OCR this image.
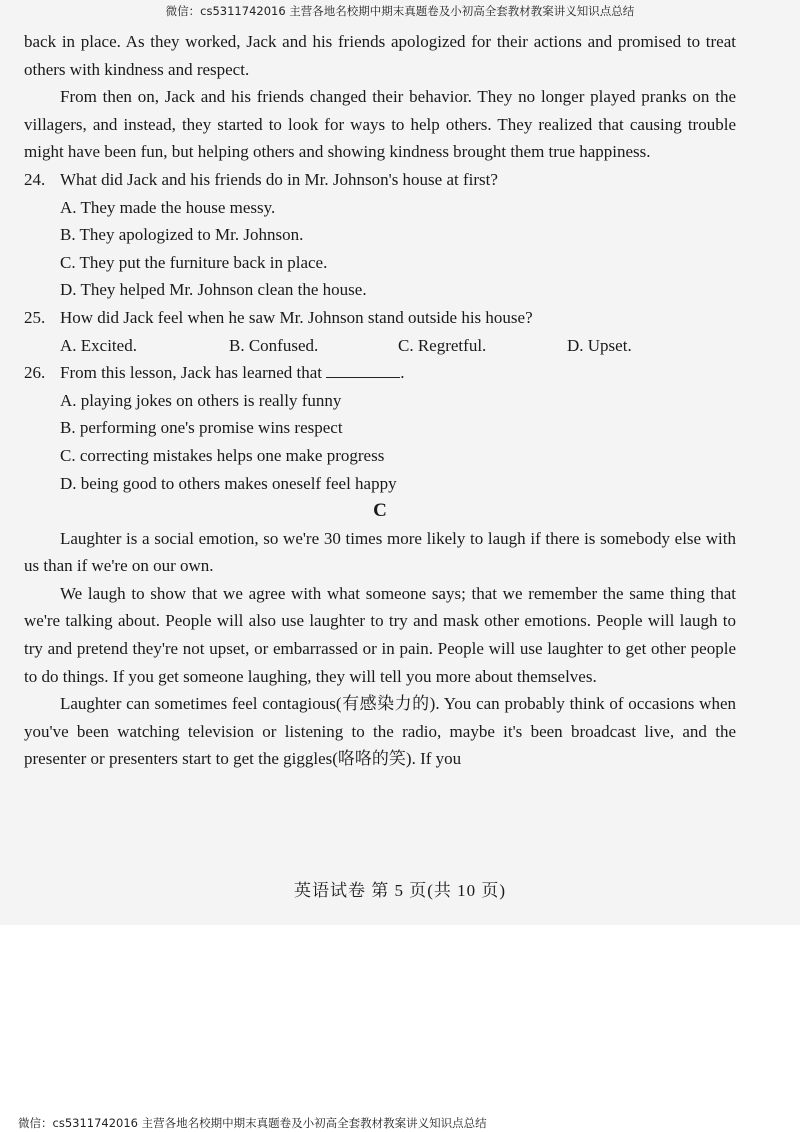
微信：cs5311742016 主营各地名校期中期末真题卷及小初高全套教材教案讲义知识点总结

back in place. As they worked, Jack and his friends apologized for their actions and promised to treat others with kindness and respect.

From then on, Jack and his friends changed their behavior. They no longer played pranks on the villagers, and instead, they started to look for ways to help others. They realized that causing trouble might have been fun, but helping others and showing kindness brought them true happiness.

24. What did Jack and his friends do in Mr. Johnson's house at first?

A. They made the house messy.

B. They apologized to Mr. Johnson.

C. They put the furniture back in place.

D. They helped Mr. Johnson clean the house.

25. How did Jack feel when he saw Mr. Johnson stand outside his house?

A. Excited.	B. Confused.	C. Regretful.	D. Upset.

26. From this lesson, Jack has learned that	.

A. playing jokes on others is really funny

B. performing one's promise wins respect

C. correcting mistakes helps one make progress

D. being good to others makes oneself feel happy

C

Laughter is a social emotion, so we're 30 times more likely to laugh if there is somebody else with us than if we're on our own.

We laugh to show that we agree with what someone says; that we remember the same thing that we're talking about. People will also use laughter to try and mask other emotions. People will laugh to try and pretend they're not upset, or embarrassed or in pain. People will use laughter to get other people to do things. If you get someone laughing, they will tell you more about themselves.

Laughter can sometimes feel contagious(有感染力的). You can probably think of occasions when you've been watching television or listening to the radio, maybe it's been broadcast live, and the presenter or presenters start to get the giggles(咯咯的笑). If you

英语试卷 第 5 页(共 10 页)
微信：cs5311742016 主营各地名校期中期末真题卷及小初高全套教材教案讲义知识点总结
